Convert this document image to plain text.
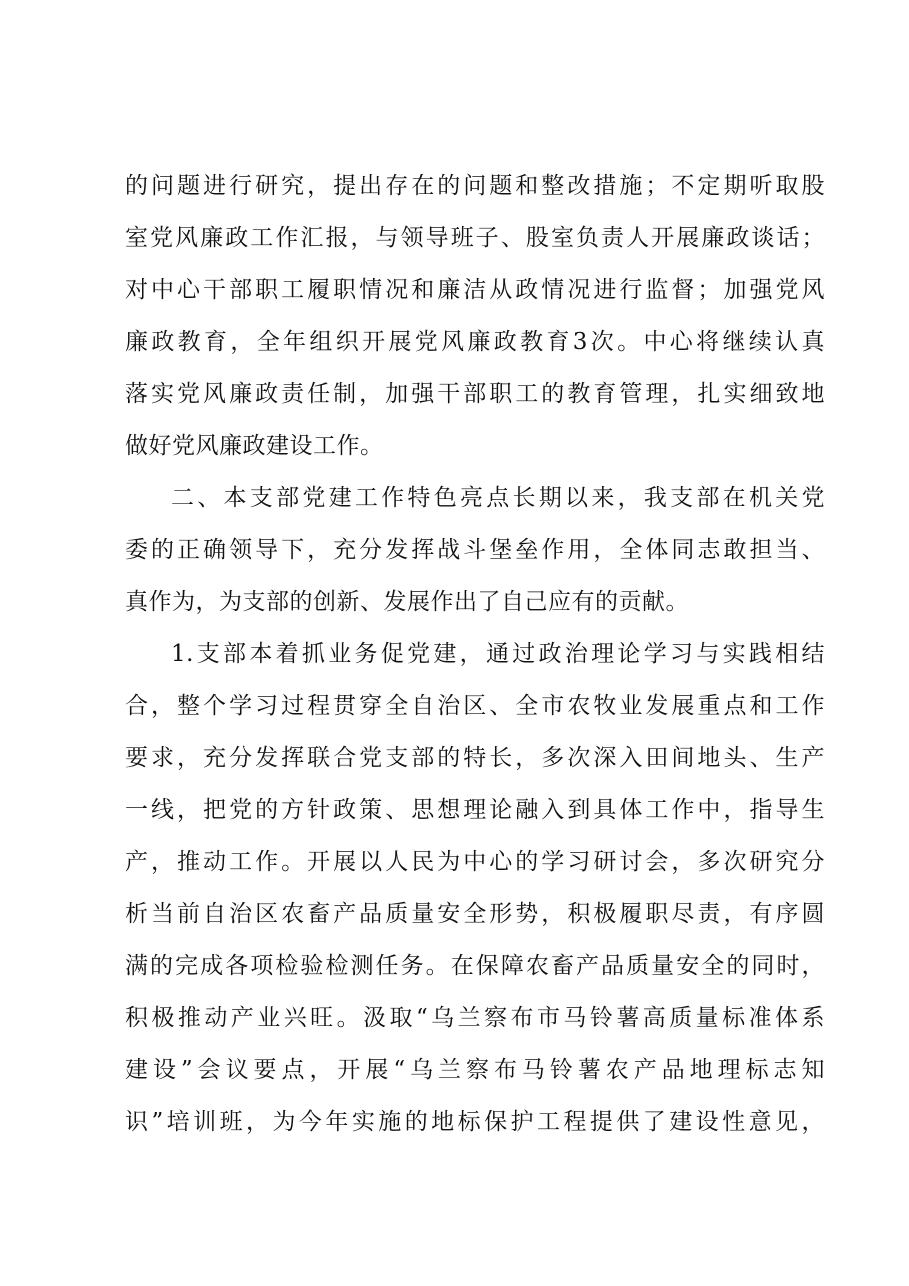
的问题进行研究，提出存在的问题和整改措施；不定期听取股
室党风廉政工作汇报，与领导班子、股室负责人开展廉政谈话；
对中心干部职工履职情况和廉洁从政情况进行监督；加强党风
廉政教育，全年组织开展党风廉政教育3次。中心将继续认真
落实党风廉政责任制，加强干部职工的教育管理，扎实细致地
做好党风廉政建设工作。
二、本支部党建工作特色亮点长期以来，我支部在机关党
委的正确领导下，充分发挥战斗堡垒作用，全体同志敢担当、
真作为，为支部的创新、发展作出了自己应有的贡献。
1.支部本着抓业务促党建，通过政治理论学习与实践相结
合，整个学习过程贯穿全自治区、全市农牧业发展重点和工作
要求，充分发挥联合党支部的特长，多次深入田间地头、生产
一线，把党的方针政策、思想理论融入到具体工作中，指导生
产，推动工作。开展以人民为中心的学习研讨会，多次研究分
析当前自治区农畜产品质量安全形势，积极履职尽责，有序圆
满的完成各项检验检测任务。在保障农畜产品质量安全的同时，
积极推动产业兴旺。汲取“乌兰察布市马铃薯高质量标准体系
建设”会议要点，开展“乌兰察布马铃薯农产品地理标志知
识”培训班，为今年实施的地标保护工程提供了建设性意见，
